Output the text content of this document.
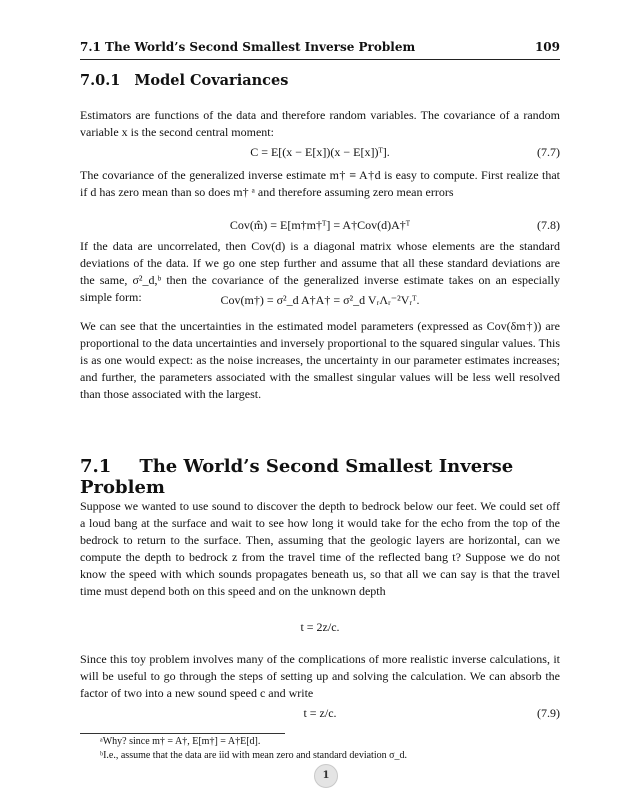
7.1 The World’s Second Smallest Inverse Problem	109
7.0.1 Model Covariances
Estimators are functions of the data and therefore random variables. The covariance of a random variable x is the second central moment:
C = E[(x − E[x])(x − E[x])ᵀ].	(7.7)
The covariance of the generalized inverse estimate m† ≡ A†d is easy to compute. First realize that if d has zero mean than so does m† ᵃ and therefore assuming zero mean errors
Cov(m̂) = E[m†m†ᵀ] = A†Cov(d)A†ᵀ	(7.8)
If the data are uncorrelated, then Cov(d) is a diagonal matrix whose elements are the standard deviations of the data. If we go one step further and assume that all these standard deviations are the same, σ²_d,ᵇ then the covariance of the generalized inverse estimate takes on an especially simple form:	Cov(m†) = σ²_d A†A† = σ²_d VᵣΛᵣ⁻²Vᵣᵀ.
We can see that the uncertainties in the estimated model parameters (expressed as Cov(δm†)) are proportional to the data uncertainties and inversely proportional to the squared singular values. This is as one would expect: as the noise increases, the uncertainty in our parameter estimates increases; and further, the parameters associated with the smallest singular values will be less well resolved than those associated with the largest.
7.1 The World’s Second Smallest Inverse Problem
Suppose we wanted to use sound to discover the depth to bedrock below our feet. We could set off a loud bang at the surface and wait to see how long it would take for the echo from the top of the bedrock to return to the surface. Then, assuming that the geologic layers are horizontal, can we compute the depth to bedrock z from the travel time of the reflected bang t? Suppose we do not know the speed with which sounds propagates beneath us, so that all we can say is that the travel time must depend both on this speed and on the unknown depth
t = 2z/c.
Since this toy problem involves many of the complications of more realistic inverse calculations, it will be useful to go through the steps of setting up and solving the calculation. We can absorb the factor of two into a new sound speed c and write
t = z/c.	(7.9)
ᵃWhy? since m† = A†, E[m†] = A†E[d].
ᵇI.e., assume that the data are iid with mean zero and standard deviation σ_d.
1
